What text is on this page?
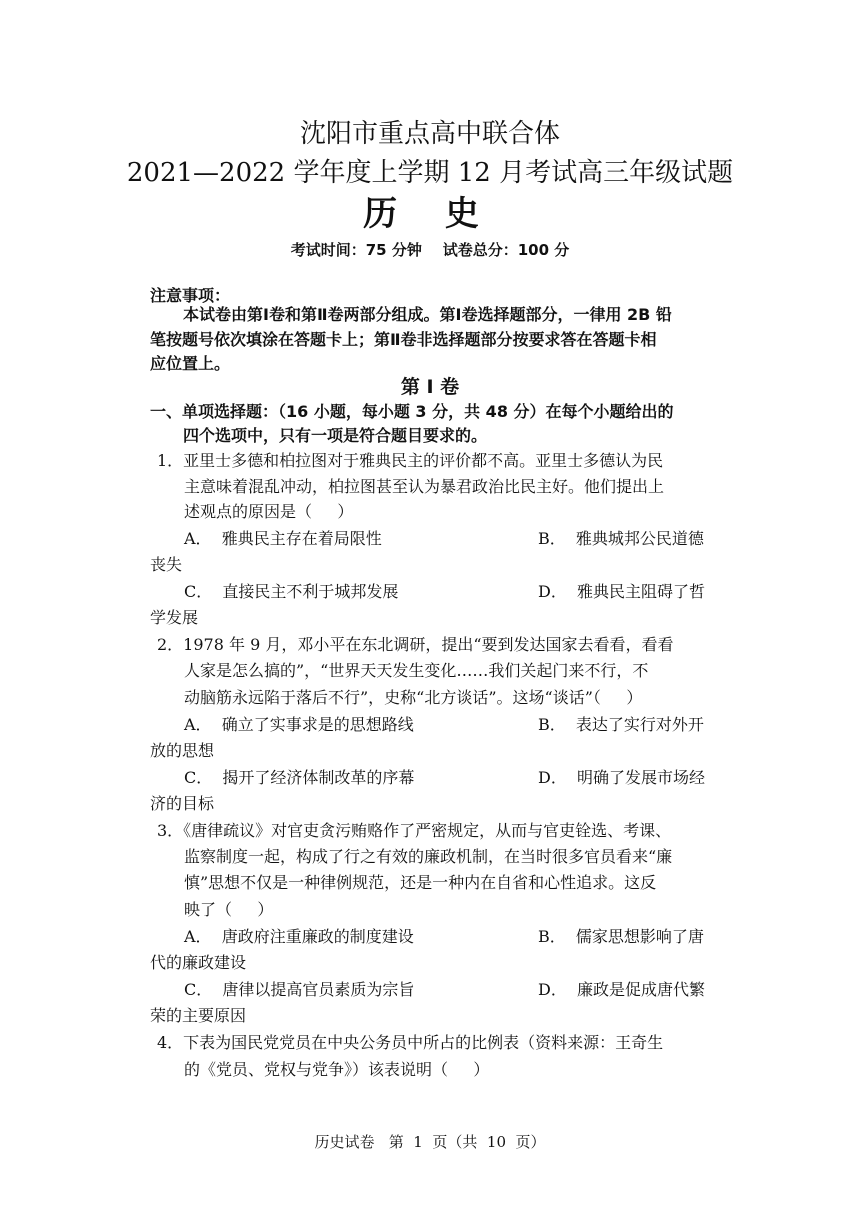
沈阳市重点高中联合体
2021—2022 学年度上学期 12 月考试高三年级试题
历 史
考试时间：75 分钟    试卷总分：100 分
注意事项：
本试卷由第Ⅰ卷和第Ⅱ卷两部分组成。第Ⅰ卷选择题部分，一律用 2B 铅
笔按题号依次填涂在答题卡上；第Ⅱ卷非选择题部分按要求答在答题卡相
应位置上。
第 I 卷
一、单项选择题：（16 小题，每小题 3 分，共 48 分）在每个小题给出的
四个选项中，只有一项是符合题目要求的。
1．亚里士多德和柏拉图对于雅典民主的评价都不高。亚里士多德认为民
主意味着混乱冲动，柏拉图甚至认为暴君政治比民主好。他们提出上
述观点的原因是（     ）
A．  雅典民主存在着局限性	B．  雅典城邦公民道德
丧失
C．  直接民主不利于城邦发展	D．  雅典民主阻碍了哲
学发展
2．1978 年 9 月，邓小平在东北调研，提出“要到发达国家去看看，看看
人家是怎么搞的”，“世界天天发生变化……我们关起门来不行，不
动脑筋永远陷于落后不行”，史称“北方谈话”。这场“谈话”（     ）
A．  确立了实事求是的思想路线	B．  表达了实行对外开
放的思想
C．  揭开了经济体制改革的序幕	D．  明确了发展市场经
济的目标
3．《唐律疏议》对官吏贪污贿赂作了严密规定，从而与官吏铨选、考课、
监察制度一起，构成了行之有效的廉政机制，在当时很多官员看来“廉
慎”思想不仅是一种律例规范，还是一种内在自省和心性追求。这反
映了（     ）
A．  唐政府注重廉政的制度建设	B．  儒家思想影响了唐
代的廉政建设
C．  唐律以提高官员素质为宗旨	D．  廉政是促成唐代繁
荣的主要原因
4．下表为国民党党员在中央公务员中所占的比例表（资料来源：王奇生
的《党员、党权与党争》）该表说明（     ）
历史试卷   第  1  页（共  10  页）
